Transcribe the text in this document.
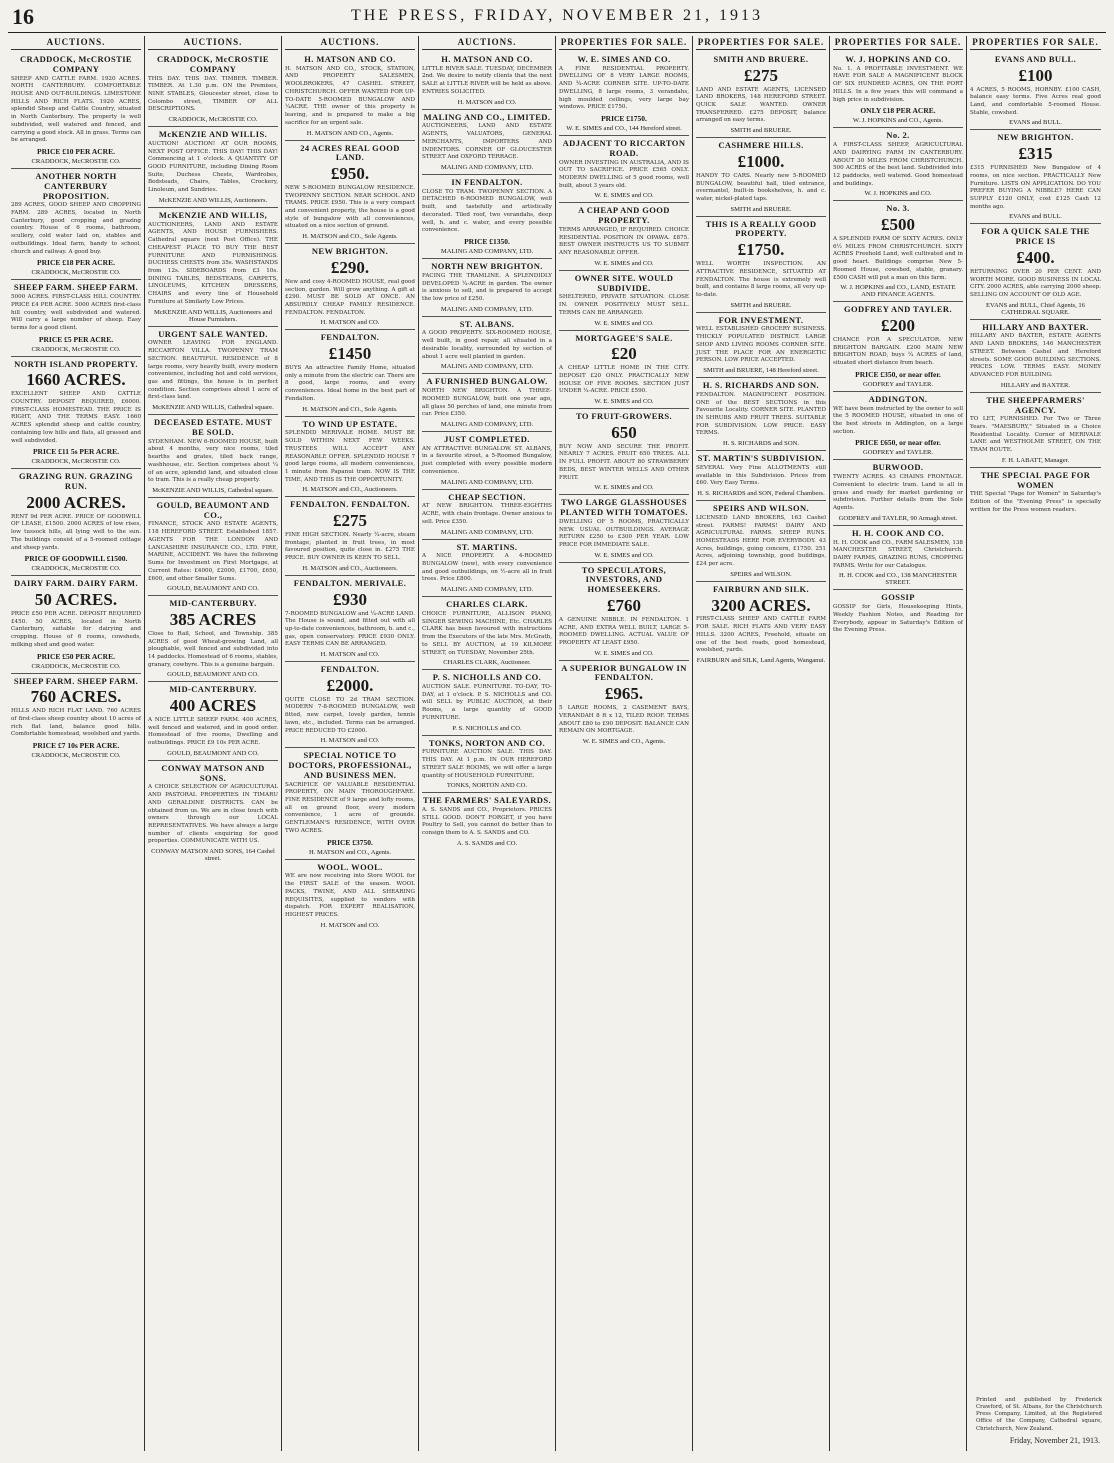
16	THE PRESS, FRIDAY, NOVEMBER 21, 1913
AUCTIONS.
CRADDOCK, McCROSTIE COMPANY
SHEEP AND CATTLE FARM. 1920 ACRES. NORTH CANTERBURY. COMFORTABLE HOUSE AND OUT-BUILDINGS. LIMESTONE HILLS AND RICH FLATS. 1920 ACRES, splendid Sheep and Cattle Country, situated in North Canterbury. The property is well subdivided, well watered and fenced, and carrying a good stock. All in grass. Terms can be arranged.
PRICE £10 PER ACRE.
CRADDOCK, McCROSTIE CO.
ANOTHER NORTH CANTERBURY PROPOSITION.
289 ACRES, GOOD SHEEP AND CROPPING FARM. 289 ACRES, located in North Canterbury, good cropping and grazing country. House of 6 rooms, bathroom, scullery, cold water laid on, stables and outbuildings. Ideal farm, handy to school, church and railway. A good buy.
PRICE £18 PER ACRE.
CRADDOCK, McCROSTIE CO.
SHEEP FARM. SHEEP FARM.
5000 ACRES. FIRST-CLASS HILL COUNTRY. PRICE £4 PER ACRE. 5000 ACRES first-class hill country, well subdivided and watered. Will carry a large number of sheep. Easy terms for a good client.
PRICE £5 PER ACRE.
CRADDOCK, McCROSTIE CO.
NORTH ISLAND PROPERTY.
1660 ACRES.
EXCELLENT SHEEP AND CATTLE COUNTRY. DEPOSIT REQUIRED, £6000. FIRST-CLASS HOMESTEAD. THE PRICE IS RIGHT, AND THE TERMS EASY. 1660 ACRES splendid sheep and cattle country, containing low hills and flats, all grassed and well subdivided.
PRICE £11 5s PER ACRE.
CRADDOCK, McCROSTIE CO.
GRAZING RUN. GRAZING RUN.
2000 ACRES.
RENT 9d PER ACRE. PRICE OF GOODWILL OF LEASE, £1500. 2000 ACRES of low rises, low tussock hills, all lying well to the sun. The buildings consist of a 5-roomed cottage and sheep yards.
PRICE OF GOODWILL £1500.
CRADDOCK, McCROSTIE CO.
DAIRY FARM. DAIRY FARM.
50 ACRES.
PRICE £50 PER ACRE. DEPOSIT REQUIRED £450. 50 ACRES, located in North Canterbury, suitable for dairying and cropping. House of 6 rooms, cowsheds, milking shed and good water.
PRICE £50 PER ACRE.
CRADDOCK, McCROSTIE CO.
SHEEP FARM. SHEEP FARM.
760 ACRES.
HILLS AND RICH FLAT LAND. 760 ACRES of first-class sheep country about 10 acres of rich flat land, balance good hills. Comfortable homestead, woolshed and yards.
PRICE £7 10s PER ACRE.
CRADDOCK, McCROSTIE CO.
AUCTIONS.
CRADDOCK, McCROSTIE COMPANY
THIS DAY. THIS DAY. TIMBER. TIMBER. TIMBER. At 1.30 p.m. ON the Premises, NINE STABLES, Gloucester street, close to Colombo street, TIMBER OF ALL DESCRIPTIONS.
CRADDOCK, McCROSTIE CO.
McKENZIE AND WILLIS.
AUCTION! AUCTION! AT OUR ROOMS, NEXT POST OFFICE. THIS DAY! THIS DAY! Commencing at 1 o'clock. A QUANTITY OF GOOD FURNITURE, including Dining Room Suite, Duchess Chests, Wardrobes, Bedsteads, Chairs, Tables, Crockery, Linoleum, and Sundries.
McKENZIE AND WILLIS, Auctioneers.
McKENZIE AND WILLIS,
AUCTIONEERS, LAND AND ESTATE AGENTS, AND HOUSE FURNISHERS. Cathedral square (next Post Office). THE CHEAPEST PLACE TO BUY THE BEST FURNITURE AND FURNISHINGS. DUCHESS CHESTS from 35s. WASHSTANDS from 12s. SIDEBOARDS from £3 10s. DINING TABLES, BEDSTEADS, CARPETS, LINOLEUMS, KITCHEN DRESSERS, CHAIRS and every line of Household Furniture at Similarly Low Prices.
McKENZIE AND WILLIS, Auctioneers and House Furnishers.
URGENT SALE WANTED.
OWNER LEAVING FOR ENGLAND. RICCARTON VILLA. TWOPENNY TRAM SECTION. BEAUTIFUL RESIDENCE of 8 large rooms, very heavily built, every modern convenience, including hot and cold services, gas and fittings, the house is in perfect condition. Section comprises about 1 acre of first-class land.
McKENZIE AND WILLIS, Cathedral square.
DECEASED ESTATE. MUST BE SOLD.
SYDENHAM. NEW 6-ROOMED HOUSE, built about 4 months, very nice rooms, tiled hearths and grates, tiled back range, washhouse, etc. Section comprises about ¼ of an acre, splendid land, and situated close to tram. This is a really cheap property.
McKENZIE AND WILLIS, Cathedral square.
GOULD, BEAUMONT AND CO.,
FINANCE, STOCK AND ESTATE AGENTS, 118 HEREFORD STREET. Established 1857. AGENTS FOR THE LONDON AND LANCASHIRE INSURANCE CO., LTD. FIRE, MARINE, ACCIDENT. We have the following Sums for Investment on First Mortgage, at Current Rates: £4000, £2000, £1700, £650, £600, and other Smaller Sums.
GOULD, BEAUMONT AND CO.
MID-CANTERBURY.
385 ACRES
Close to Rail, School, and Township. 385 ACRES of good Wheat-growing Land, all ploughable, well fenced and subdivided into 14 paddocks. Homestead of 6 rooms, stables, granary, cowbyre. This is a genuine bargain.
GOULD, BEAUMONT AND CO.
MID-CANTERBURY.
400 ACRES
A NICE LITTLE SHEEP FARM. 400 ACRES, well fenced and watered, and in good order. Homestead of five rooms, Dwelling and outbuildings. PRICE £9 10s PER ACRE.
GOULD, BEAUMONT AND CO.
CONWAY MATSON AND SONS.
A CHOICE SELECTION OF AGRICULTURAL AND PASTORAL PROPERTIES IN TIMARU AND GERALDINE DISTRICTS. CAN be obtained from us. We are in close touch with owners through our LOCAL REPRESENTATIVES. We have always a large number of clients enquiring for good properties. COMMUNICATE WITH US.
CONWAY MATSON AND SONS, 164 Cashel street.
AUCTIONS.
H. MATSON AND CO.
H. MATSON AND CO., STOCK, STATION, AND PROPERTY SALESMEN, WOOLBROKERS, 47 CASHEL STREET, CHRISTCHURCH. OFFER WANTED FOR UP-TO-DATE 5-ROOMED BUNGALOW AND ¼ACRE. THE owner of this property is leaving, and is prepared to make a big sacrifice for an urgent sale.
H. MATSON AND CO., Agents.
24 ACRES REAL GOOD LAND.
£950.
NEW 5-ROOMED BUNGALOW RESIDENCE. TWOPENNY SECTION. NEAR SCHOOL AND TRAMS. PRICE £950. This is a very compact and convenient property, the house is a good style of bungalow with all conveniences, situated on a nice section of ground.
H. MATSON and CO., Sole Agents.
NEW BRIGHTON.
£290.
New and cosy 4-ROOMED HOUSE, real good section, garden. Will grow anything. A gift at £290. MUST BE SOLD AT ONCE. AN ABSURDLY CHEAP FAMILY RESIDENCE. FENDALTON. FENDALTON.
H. MATSON and CO.
FENDALTON.
£1450
BUYS An attractive Family Home, situated only a minute from the electric car. There are 8 good, large rooms, and every conveniences. Ideal home in the best part of Fendalton.
H. MATSON and CO., Sole Agents.
TO WIND UP ESTATE.
SPLENDID MERIVALE HOME. MUST BE SOLD WITHIN NEXT FEW WEEKS. TRUSTEES WILL ACCEPT ANY REASONABLE OFFER. SPLENDID HOUSE 7 good large rooms, all modern conveniences, 1 minute from Papanui tram. NOW IS THE TIME, AND THIS IS THE OPPORTUNITY.
H. MATSON and CO., Auctioneers.
FENDALTON. FENDALTON.
£275
FINE HIGH SECTION. Nearly ¼-acre, steam frontage, planted in fruit trees, in most favoured position, quite close in. £275 THE PRICE. BUY OWNER IS KEEN TO SELL.
H. MATSON and CO., Auctioneers.
FENDALTON. MERIVALE.
£930
7-ROOMED BUNGALOW and ¼-ACRE LAND. The House is sound, and fitted out with all up-to-date conveniences, bathroom, h. and c., gas, open conservatory. PRICE £930 ONLY. EASY TERMS CAN BE ARRANGED.
H. MATSON and CO.
FENDALTON.
£2000.
QUITE CLOSE TO 2d TRAM SECTION. MODERN 7-8-ROOMED BUNGALOW, well fitted, new carpet, lovely garden, tennis lawn, etc., included. Terms can be arranged. PRICE REDUCED TO £2000.
H. MATSON and CO.
SPECIAL NOTICE TO DOCTORS, PROFESSIONAL, AND BUSINESS MEN.
SACRIFICE OF VALUABLE RESIDENTIAL PROPERTY, ON MAIN THOROUGHFARE. FINE RESIDENCE of 9 large and lofty rooms, all on ground floor, every modern convenience, 1 acre of grounds. GENTLEMAN'S RESIDENCE, WITH OVER TWO ACRES.
PRICE £3750.
H. MATSON and CO., Agents.
WOOL. WOOL.
WE are now receiving into Store WOOL for the FIRST SALE of the season. WOOL PACKS, TWINE, AND ALL SHEARING REQUISITES, supplied to vendors with dispatch. FOR EXPERT REALISATION, HIGHEST PRICES.
H. MATSON and CO.
AUCTIONS.
H. MATSON AND CO.
LITTLE RIVER SALE. TUESDAY, DECEMBER 2nd. We desire to notify clients that the next SALE at LITTLE RIVER will be held as above. ENTRIES SOLICITED.
H. MATSON and CO.
MALING AND CO., LIMITED.
AUCTIONEERS, LAND AND ESTATE AGENTS, VALUATORS, GENERAL MERCHANTS, IMPORTERS AND INDENTORS. CORNER OF GLOUCESTER STREET And OXFORD TERRACE.
MALING AND COMPANY, LTD.
IN FENDALTON.
CLOSE TO TRAM. TWOPENNY SECTION. A DETACHED 6-ROOMED BUNGALOW, well built, and tastefully and artistically decorated. Tiled roof, two verandahs, deep well, h. and c. water, and every possible convenience.
PRICE £1350.
MALING AND COMPANY, LTD.
NORTH NEW BRIGHTON.
FACING THE TRAMLINE. A SPLENDIDLY DEVELOPED ¼-ACRE in garden. The owner is anxious to sell, and is prepared to accept the low price of £250.
MALING AND COMPANY, LTD.
ST. ALBANS.
A GOOD PROPERTY. SIX-ROOMED HOUSE, well built, in good repair, all situated in a desirable locality, surrounded by section of about 1 acre well planted in garden.
MALING AND COMPANY, LTD.
A FURNISHED BUNGALOW.
NORTH NEW BRIGHTON. A THREE-ROOMED BUNGALOW, built one year ago, all glass 50 perches of land, one minute from car. Price £350.
MALING AND COMPANY, LTD.
JUST COMPLETED.
AN ATTRACTIVE BUNGALOW. ST. ALBANS, in a favourite street, a 5-Roomed Bungalow, just completed with every possible modern convenience.
MALING AND COMPANY, LTD.
CHEAP SECTION.
AT NEW BRIGHTON. THREE-EIGHTHS ACRE, with chain frontage. Owner anxious to sell. Price £350.
MALING AND COMPANY, LTD.
ST. MARTINS.
A NICE PROPERTY. A 4-ROOMED BUNGALOW (new), with every convenience and good outbuildings, on ½-acre all in fruit trees. Price £800.
MALING AND COMPANY, LTD.
CHARLES CLARK.
CHOICE FURNITURE, ALLISON PIANO, SINGER SEWING MACHINE, Etc. CHARLES CLARK has been favoured with instructions from the Executors of the late Mrs. McGrath, to SELL BY AUCTION, at 19 KILMORE STREET, on TUESDAY, November 25th.
CHARLES CLARK, Auctioneer.
P. S. NICHOLLS AND CO.
AUCTION SALE. FURNITURE. TO-DAY, TO-DAY, at 1 o'clock. P. S. NICHOLLS and CO. will SELL by PUBLIC AUCTION, at their Rooms, a large quantity of GOOD FURNITURE.
P. S. NICHOLLS and CO.
TONKS, NORTON AND CO.
FURNITURE AUCTION SALE. THIS DAY. THIS DAY. At 1 p.m. IN OUR HEREFORD STREET SALE ROOMS, we will offer a large quantity of HOUSEHOLD FURNITURE.
TONKS, NORTON AND CO.
THE FARMERS' SALEYARDS.
A. S. SANDS and CO., Proprietors. PRICES STILL GOOD. DON'T FORGET, if you have Poultry to Sell, you cannot do better than to consign them to A. S. SANDS and CO.
A. S. SANDS and CO.
PROPERTIES FOR SALE.
W. E. SIMES AND CO.
A FINE RESIDENTIAL PROPERTY. DWELLING OF 8 VERY LARGE ROOMS, AND ¾-ACRE CORNER SITE. UP-TO-DATE DWELLING, 8 large rooms, 3 verandahs, high moulded ceilings, very large bay windows. PRICE £1750.
PRICE £1750.
W. E. SIMES and CO., 144 Hereford street.
ADJACENT TO RICCARTON ROAD.
OWNER INVESTING IN AUSTRALIA, AND IS OUT TO SACRIFICE. PRICE £565 ONLY. MODERN DWELLING of 5 good rooms, well built, about 3 years old.
W. E. SIMES and CO.
A CHEAP AND GOOD PROPERTY.
TERMS ARRANGED, IF REQUIRED. CHOICE RESIDENTIAL POSITION IN OPAWA. £875. BEST OWNER INSTRUCTS US TO SUBMIT ANY REASONABLE OFFER.
W. E. SIMES and CO.
OWNER SITE. WOULD SUBDIVIDE.
SHELTERED, PRIVATE SITUATION. CLOSE IN. OWNER POSITIVELY MUST SELL. TERMS CAN BE ARRANGED.
W. E. SIMES and CO.
MORTGAGEE'S SALE.
£20
A CHEAP LITTLE HOME IN THE CITY. DEPOSIT £20 ONLY. PRACTICALLY NEW HOUSE OF FIVE ROOMS. SECTION JUST UNDER ¼-ACRE. PRICE £590.
W. E. SIMES and CO.
TO FRUIT-GROWERS.
650
BUY NOW AND SECURE THE PROFIT. NEARLY 7 ACRES. FRUIT 650 TREES. ALL IN FULL PROFIT. ABOUT 80 STRAWBERRY BEDS, BEST WINTER WELLS AND OTHER FRUIT.
W. E. SIMES and CO.
TWO LARGE GLASSHOUSES PLANTED WITH TOMATOES.
DWELLING OF 5 ROOMS, PRACTICALLY NEW. USUAL OUTBUILDINGS. AVERAGE RETURN £250 to £300 PER YEAR. LOW PRICE FOR IMMEDIATE SALE.
W. E. SIMES and CO.
TO SPECULATORS, INVESTORS, AND HOMESEEKERS.
£760
A GENUINE NIBBLE. IN FENDALTON. 1 ACRE, AND EXTRA WELL BUILT, LARGE 5-ROOMED DWELLING. ACTUAL VALUE OF PROPERTY AT LEAST £950.
W. E. SIMES and CO.
A SUPERIOR BUNGALOW IN FENDALTON.
£965.
5 LARGE ROOMS, 2 CASEMENT BAYS, VERANDAH 8 ft x 12, TILED ROOF. TERMS ABOUT £80 to £90 DEPOSIT. BALANCE CAN REMAIN ON MORTGAGE.
W. E. SIMES and CO., Agents.
PROPERTIES FOR SALE.
SMITH AND BRUERE.
£275
LAND AND ESTATE AGENTS, LICENSED LAND BROKERS, 148 HEREFORD STREET. QUICK SALE WANTED. OWNER TRANSFERRED. £275 DEPOSIT, balance arranged on easy terms.
SMITH and BRUERE.
CASHMERE HILLS.
£1000.
HANDY TO CARS. Nearly new 5-ROOMED BUNGALOW, beautiful hall, tiled entrance, overmantel, built-in bookshelves, h. and c. water, nickel-plated taps.
SMITH and BRUERE.
THIS IS A REALLY GOOD PROPERTY.
£1750.
WELL WORTH INSPECTION. AN ATTRACTIVE RESIDENCE, SITUATED AT FENDALTON. The house is extremely well built, and contains 8 large rooms, all very up-to-date.
SMITH and BRUERE.
FOR INVESTMENT.
WELL ESTABLISHED GROCERY BUSINESS. THICKLY POPULATED DISTRICT. LARGE SHOP AND LIVING ROOMS CORNER SITE. JUST THE PLACE FOR AN ENERGETIC PERSON. LOW PRICE ACCEPTED.
SMITH and BRUERE, 148 Hereford street.
H. S. RICHARDS AND SON.
FENDALTON. MAGNIFICENT POSITION. ONE of the BEST SECTIONS in this Favourite Locality. CORNER SITE. PLANTED IN SHRUBS AND FRUIT TREES. SUITABLE FOR SUBDIVISION. LOW PRICE. EASY TERMS.
H. S. RICHARDS and SON.
ST. MARTIN'S SUBDIVISION.
SEVERAL Very Fine ALLOTMENTS still available in this Subdivision. Prices from £60. Very Easy Terms.
H. S. RICHARDS and SON, Federal Chambers.
SPEIRS AND WILSON.
LICENSED LAND BROKERS, 163 Cashel street. FARMS! FARMS! DAIRY AND AGRICULTURAL FARMS. SHEEP RUNS. HOMESTEADS HERE FOR EVERYBODY. 43 Acres, buildings, going concern, £1750. 251 Acres, adjoining township, good buildings, £24 per acre.
SPEIRS and WILSON.
FAIRBURN AND SILK.
3200 ACRES.
FIRST-CLASS SHEEP AND CATTLE FARM FOR SALE. RICH FLATS AND VERY EASY HILLS. 3200 ACRES, Freehold, situate on one of the best roads, good homestead, woolshed, yards.
FAIRBURN and SILK, Land Agents, Wanganui.
PROPERTIES FOR SALE.
W. J. HOPKINS AND CO.
No. 1. A PROFITABLE INVESTMENT. WE HAVE FOR SALE A MAGNIFICENT BLOCK OF SIX HUNDRED ACRES, ON THE PORT HILLS. In a few years this will command a high price in subdivision.
ONLY £18 PER ACRE.
W. J. HOPKINS and CO., Agents.
No. 2.
A FIRST-CLASS SHEEP, AGRICULTURAL AND DAIRYING FARM IN CANTERBURY. ABOUT 30 MILES FROM CHRISTCHURCH. 500 ACRES of the best land. Subdivided into 12 paddocks, well watered. Good homestead and buildings.
W. J. HOPKINS and CO.
No. 3.
£500
A SPLENDID FARM OF SIXTY ACRES. ONLY 6½ MILES FROM CHRISTCHURCH. SIXTY ACRES Freehold Land, well cultivated and in good heart. Buildings comprise New 5-Roomed House, cowshed, stable, granary. £500 CASH will put a man on this farm.
W. J. HOPKINS and CO., LAND, ESTATE AND FINANCE AGENTS.
GODFREY AND TAYLER.
£200
CHANCE FOR A SPECULATOR. NEW BRIGHTON BARGAIN. £200 MAIN NEW BRIGHTON ROAD, buys ¼ ACRES of land, situated short distance from beach.
PRICE £350, or near offer.
GODFREY and TAYLER.
ADDINGTON.
WE have been instructed by the owner to sell the 5 ROOMED HOUSE, situated in one of the best streets in Addington, on a large section.
PRICE £650, or near offer.
GODFREY and TAYLER.
BURWOOD.
TWENTY ACRES. 43 CHAINS FRONTAGE. Convenient to electric tram. Land is all in grass and ready for market gardening or subdivision. Further details from the Sole Agents.
GODFREY and TAYLER, 90 Armagh street.
H. H. COOK AND CO.
H. H. COOK and CO., FARM SALESMEN, 138 MANCHESTER STREET, Christchurch. DAIRY FARMS, GRAZING RUNS, CROPPING FARMS. Write for our Catalogue.
H. H. COOK and CO., 138 MANCHESTER STREET.
GOSSIP
GOSSIP for Girls, Housekeeping Hints, Weekly Fashion Notes, and Reading for Everybody, appear in Saturday's Edition of the Evening Press.
PROPERTIES FOR SALE.
EVANS AND BULL.
£100
4 ACRES, 5 ROOMS, HORNBY. £100 CASH, balance easy terms. Five Acres real good Land, and comfortable 5-roomed House. Stable, cowshed.
EVANS and BULL.
NEW BRIGHTON.
£315
£315 FURNISHED New Bungalow of 4 rooms, on nice section. PRACTICALLY New Furniture. LISTS ON APPLICATION. DO YOU PREFER BUYING A NIBBLE? HERE CAN SUPPLY £120 ONLY, cost £125 Cash 12 months ago.
EVANS and BULL.
FOR A QUICK SALE THE PRICE IS
£400.
RETURNING OVER 20 PER CENT. AND WORTH MORE. GOOD BUSINESS IN LOCAL CITY. 2000 ACRES, able carrying 2000 sheep. SELLING ON ACCOUNT OF OLD AGE.
EVANS and BULL, Chief Agents, 16 CATHEDRAL SQUARE.
HILLARY AND BAXTER.
HILLARY AND BAXTER, ESTATE AGENTS AND LAND BROKERS, 146 MANCHESTER STREET. Between Cashel and Hereford streets. SOME GOOD BUILDING SECTIONS. PRICES LOW. TERMS EASY. MONEY ADVANCED FOR BUILDING.
HILLARY and BAXTER.
THE SHEEPFARMERS' AGENCY.
TO LET, FURNISHED. For Two or Three Years. "MAESBURY," Situated in a Choice Residential Locality. Corner of MERIVALE LANE and WESTHOLME STREET, ON THE TRAM ROUTE.
F. H. LABATT, Manager.
THE SPECIAL PAGE FOR WOMEN
THE Special "Page for Women" in Saturday's Edition of the "Evening Press" is specially written for the Press women readers.
Printed and published by Frederick Crawford, of St. Albans, for the Christchurch Press Company, Limited, at the Registered Office of the Company, Cathedral square, Christchurch, New Zealand.
Friday, November 21, 1913.
